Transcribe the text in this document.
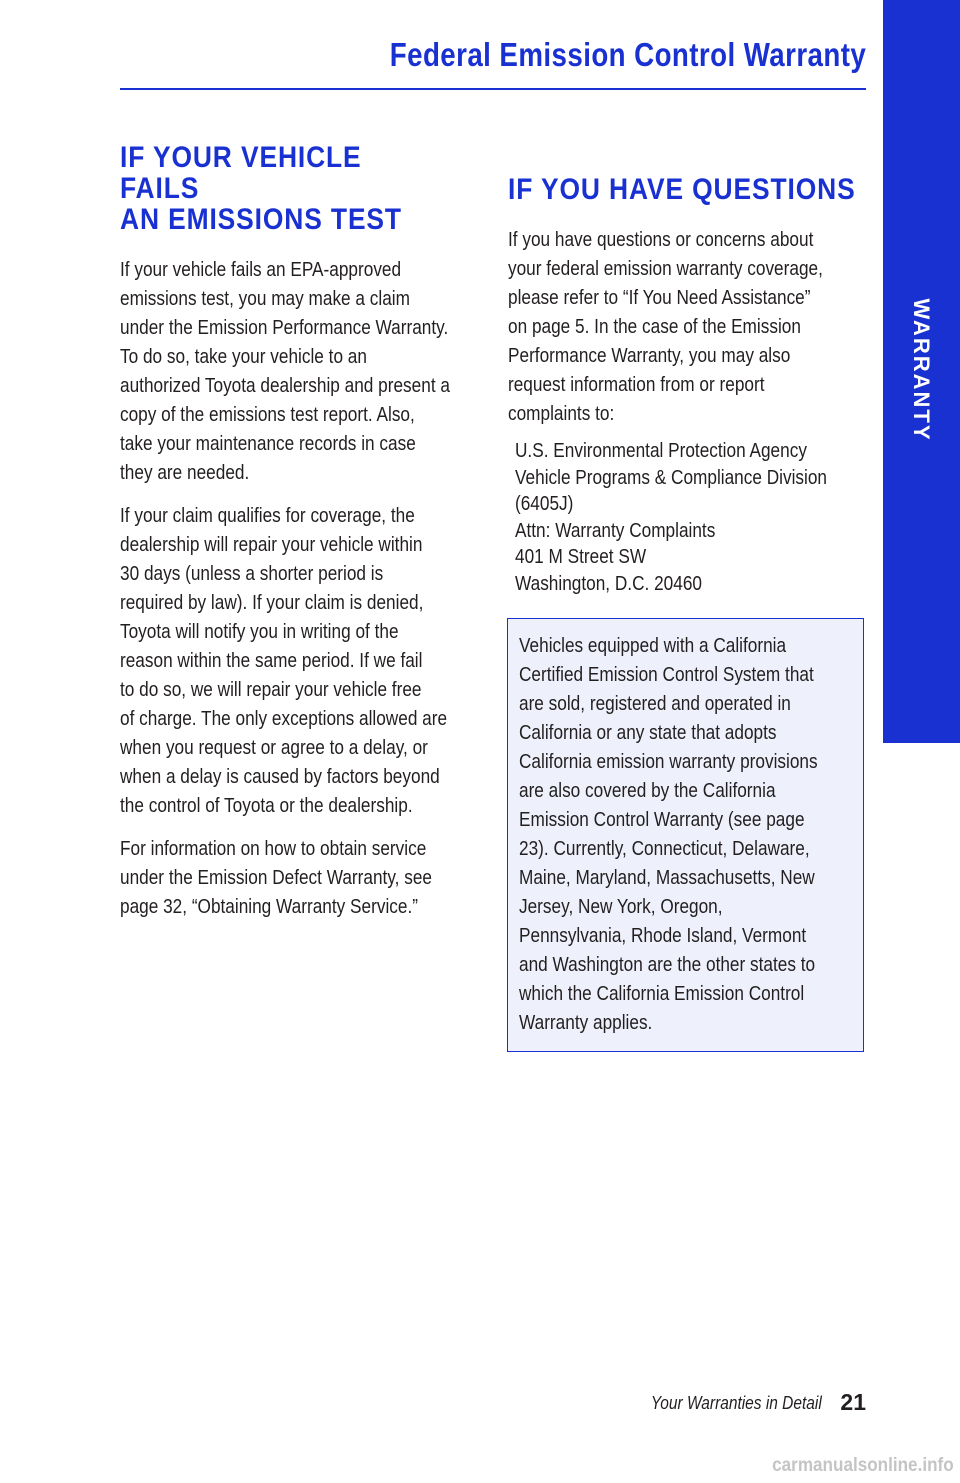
WARRANTY
Federal Emission Control Warranty
IF YOUR VEHICLE FAILS
AN EMISSIONS TEST

If your vehicle fails an EPA-approved
emissions test, you may make a claim
under the Emission Performance Warranty.
To do so, take your vehicle to an
authorized Toyota dealership and present a
copy of the emissions test report. Also,
take your maintenance records in case
they are needed.

If your claim qualifies for coverage, the
dealership will repair your vehicle within
30 days (unless a shorter period is
required by law). If your claim is denied,
Toyota will notify you in writing of the
reason within the same period. If we fail
to do so, we will repair your vehicle free
of charge. The only exceptions allowed are
when you request or agree to a delay, or
when a delay is caused by factors beyond
the control of Toyota or the dealership.

For information on how to obtain service
under the Emission Defect Warranty, see
page 32, “Obtaining Warranty Service.”

IF YOU HAVE QUESTIONS

If you have questions or concerns about
your federal emission warranty coverage,
please refer to “If You Need Assistance”
on page 5. In the case of the Emission
Performance Warranty, you may also
request information from or report
complaints to:

U.S. Environmental Protection Agency
Vehicle Programs & Compliance Division
(6405J)
Attn: Warranty Complaints
401 M Street SW
Washington, D.C. 20460

Vehicles equipped with a California
Certified Emission Control System that
are sold, registered and operated in
California or any state that adopts
California emission warranty provisions
are also covered by the California
Emission Control Warranty (see page
23). Currently, Connecticut, Delaware,
Maine, Maryland, Massachusetts, New
Jersey, New York, Oregon,
Pennsylvania, Rhode Island, Vermont
and Washington are the other states to
which the California Emission Control
Warranty applies.

Your Warranties in Detail 21
carmanualsonline.info
